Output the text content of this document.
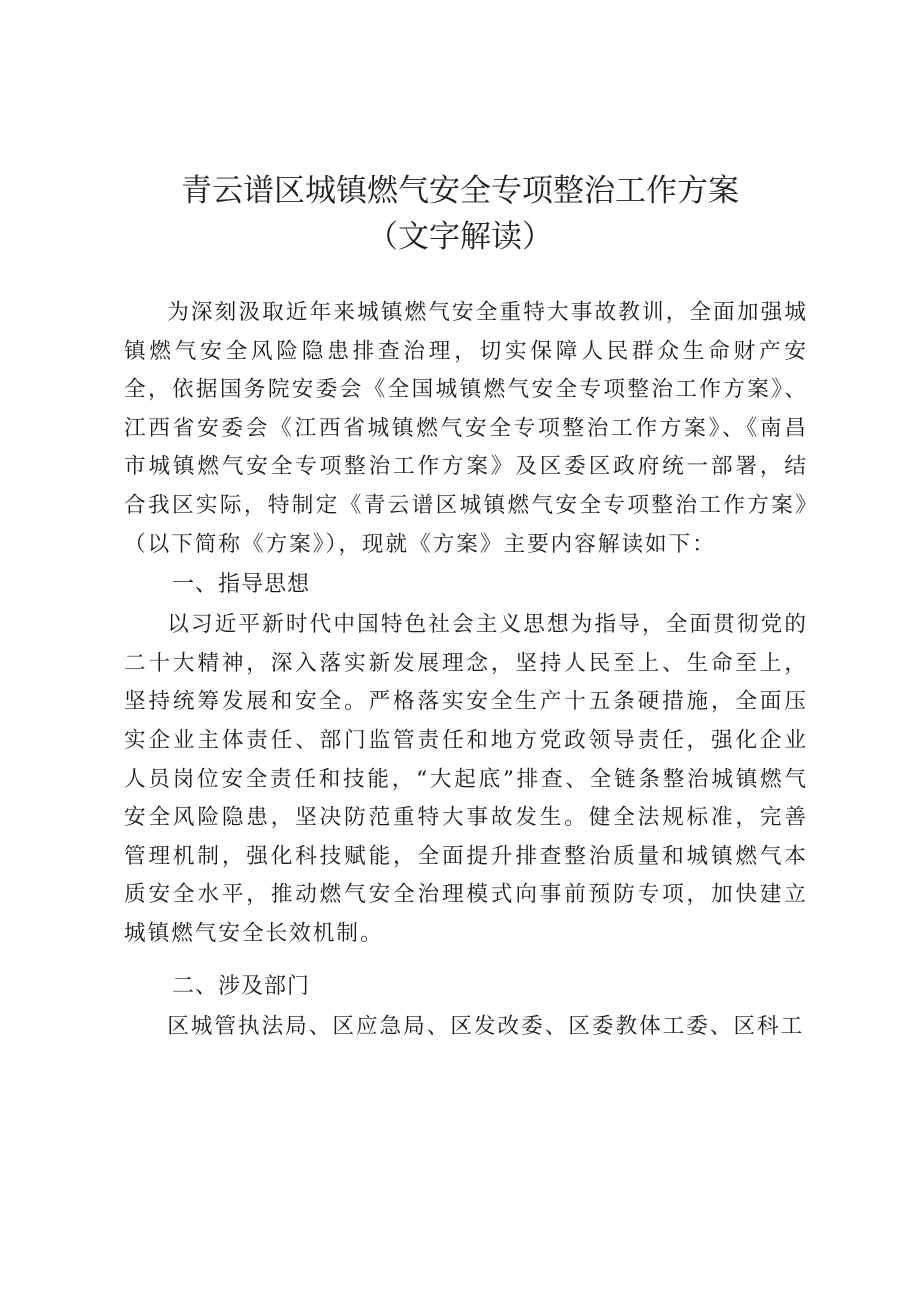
青云谱区城镇燃气安全专项整治工作方案
（文字解读）

为深刻汲取近年来城镇燃气安全重特大事故教训，全面加强城镇燃气安全风险隐患排查治理，切实保障人民群众生命财产安全，依据国务院安委会《全国城镇燃气安全专项整治工作方案》、江西省安委会《江西省城镇燃气安全专项整治工作方案》、《南昌市城镇燃气安全专项整治工作方案》及区委区政府统一部署，结合我区实际，特制定《青云谱区城镇燃气安全专项整治工作方案》（以下简称《方案》），现就《方案》主要内容解读如下：

一、指导思想

以习近平新时代中国特色社会主义思想为指导，全面贯彻党的二十大精神，深入落实新发展理念，坚持人民至上、生命至上，坚持统筹发展和安全。严格落实安全生产十五条硬措施，全面压实企业主体责任、部门监管责任和地方党政领导责任，强化企业人员岗位安全责任和技能，“大起底”排查、全链条整治城镇燃气安全风险隐患，坚决防范重特大事故发生。健全法规标准，完善管理机制，强化科技赋能，全面提升排查整治质量和城镇燃气本质安全水平，推动燃气安全治理模式向事前预防专项，加快建立城镇燃气安全长效机制。

二、涉及部门

区城管执法局、区应急局、区发改委、区委教体工委、区科工
